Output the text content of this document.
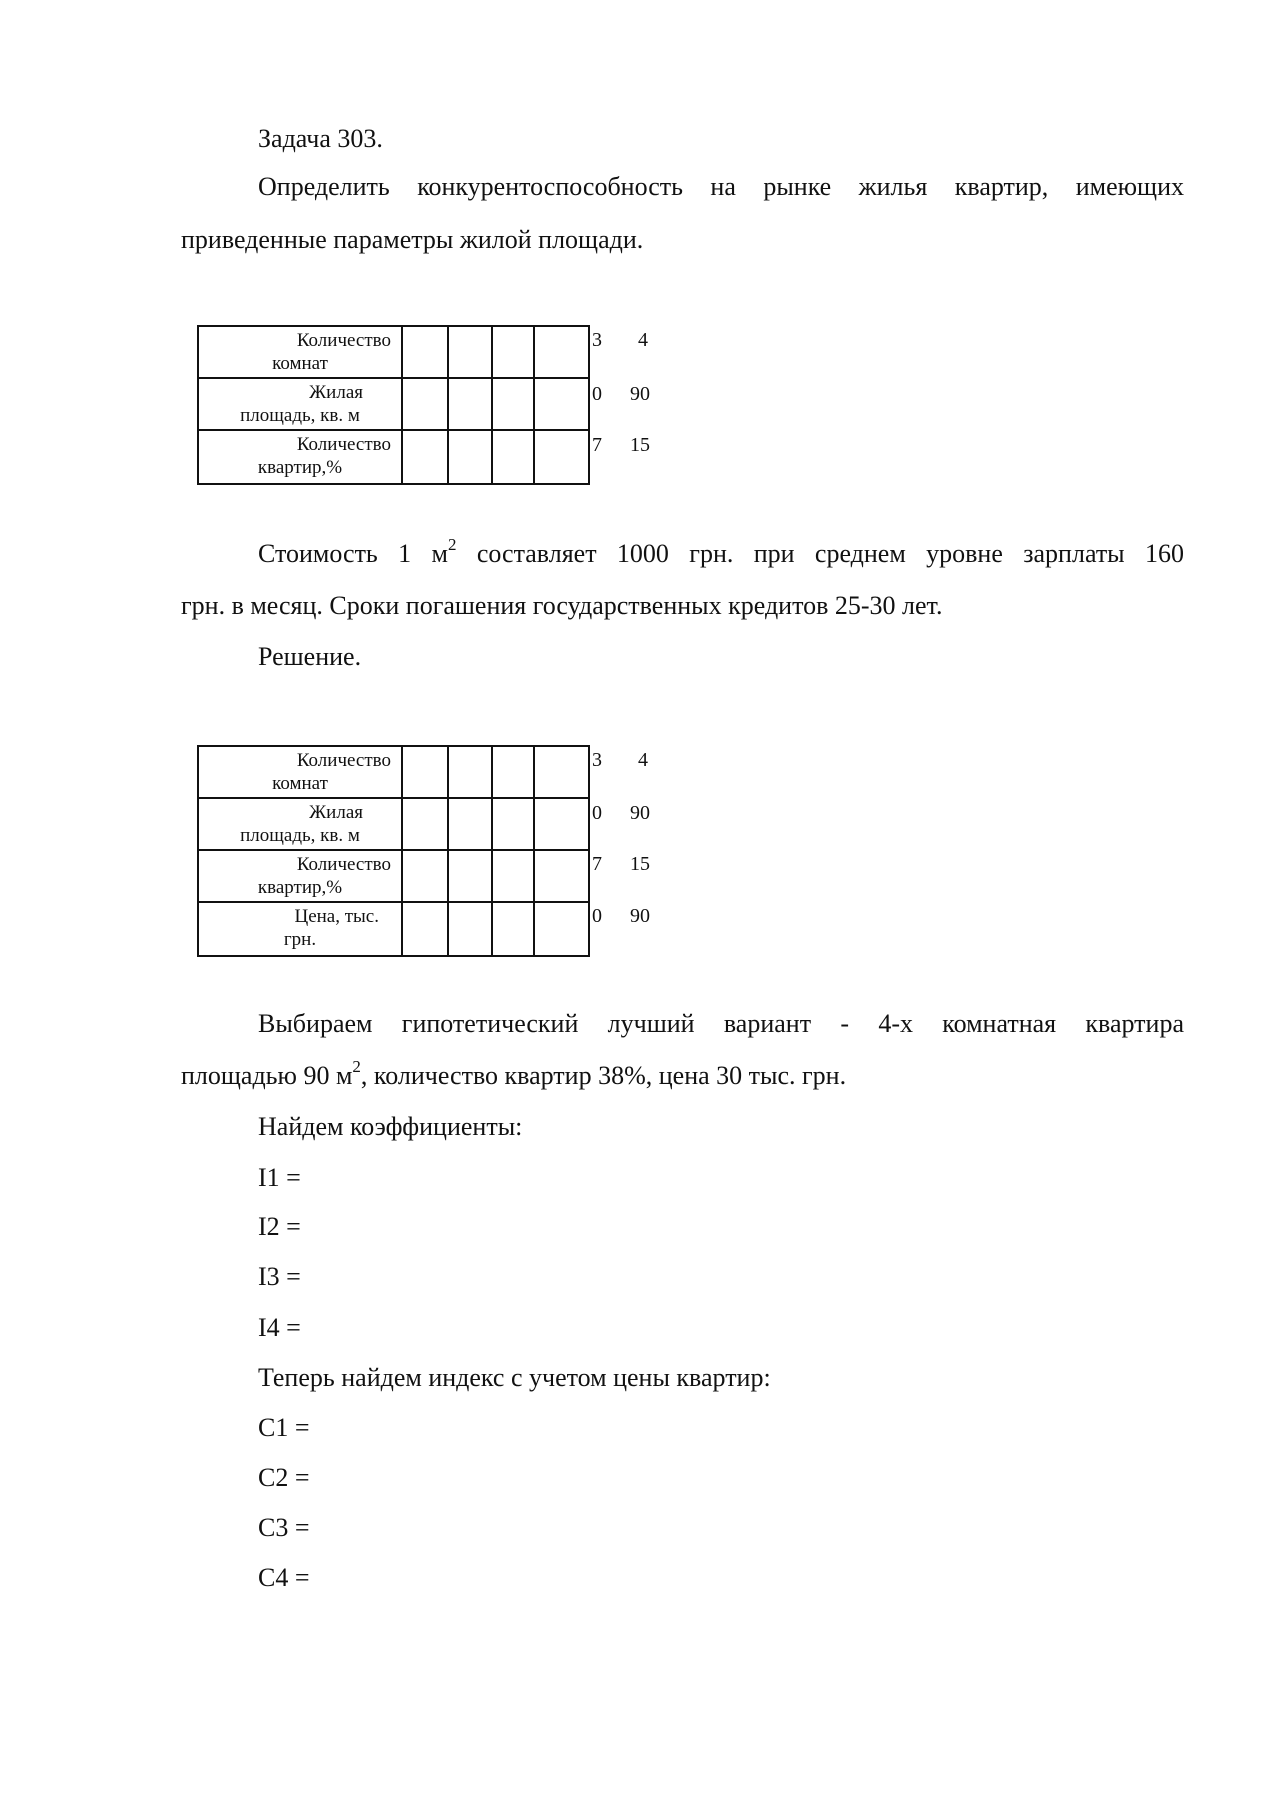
Задача 303.
Определить конкурентоспособность на рынке жилья квартир, имеющих
приведенные параметры жилой площади.
Количество
комнат
Жилая
площадь, кв. м
Количество
квартир,%
3 4
0 90
7 15
Стоимость 1 $м^2$ составляет 1000 грн. при среднем уровне зарплаты 160
грн. в месяц. Сроки погашения государственных кредитов 25-30 лет.
Решение.
Количество
комнат
Жилая
площадь, кв. м
Количество
квартир,%
Цена, тыс.
грн.
3 4
0 90
7 15
0 90
Выбираем гипотетический лучший вариант - 4-х комнатная квартира
площадью 90 $м^2$, количество квартир 38%, цена 30 тыс. грн.
Найдем коэффициенты:
I1 =
I2 =
I3 =
I4 =
Теперь найдем индекс с учетом цены квартир:
C1 =
C2 =
C3 =
C4 =
